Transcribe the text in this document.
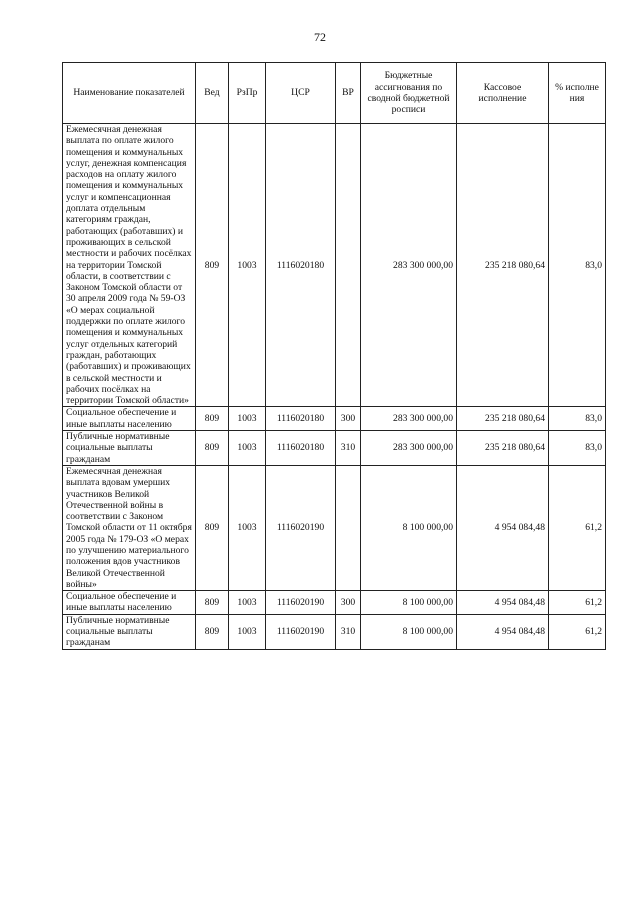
72
Наименование показателей	Вед	РзПр	ЦСР	ВР	Бюджетные ассигнования по сводной бюджетной росписи	Кассовое исполнение	% исполне ния
Ежемесячная денежная выплата по оплате жилого помещения и коммунальных услуг, денежная компенсация расходов на оплату жилого помещения и коммунальных услуг и компенсационная доплата отдельным категориям граждан, работающих (работавших) и проживающих в сельской местности и рабочих посёлках на территории Томской области, в соответствии с Законом Томской области от 30 апреля 2009 года № 59-ОЗ «О мерах социальной поддержки по оплате жилого помещения и коммунальных услуг отдельных категорий граждан, работающих (работавших) и проживающих в сельской местности и рабочих посёлках на территории Томской области»	809	1003	1116020180		283 300 000,00	235 218 080,64	83,0
Социальное обеспечение и иные выплаты населению	809	1003	1116020180	300	283 300 000,00	235 218 080,64	83,0
Публичные нормативные социальные выплаты гражданам	809	1003	1116020180	310	283 300 000,00	235 218 080,64	83,0
Ежемесячная денежная выплата вдовам умерших участников Великой Отечественной войны в соответствии с Законом Томской области от 11 октября 2005 года № 179-ОЗ «О мерах по улучшению материального положения вдов участников Великой Отечественной войны»	809	1003	1116020190		8 100 000,00	4 954 084,48	61,2
Социальное обеспечение и иные выплаты населению	809	1003	1116020190	300	8 100 000,00	4 954 084,48	61,2
Публичные нормативные социальные выплаты гражданам	809	1003	1116020190	310	8 100 000,00	4 954 084,48	61,2
